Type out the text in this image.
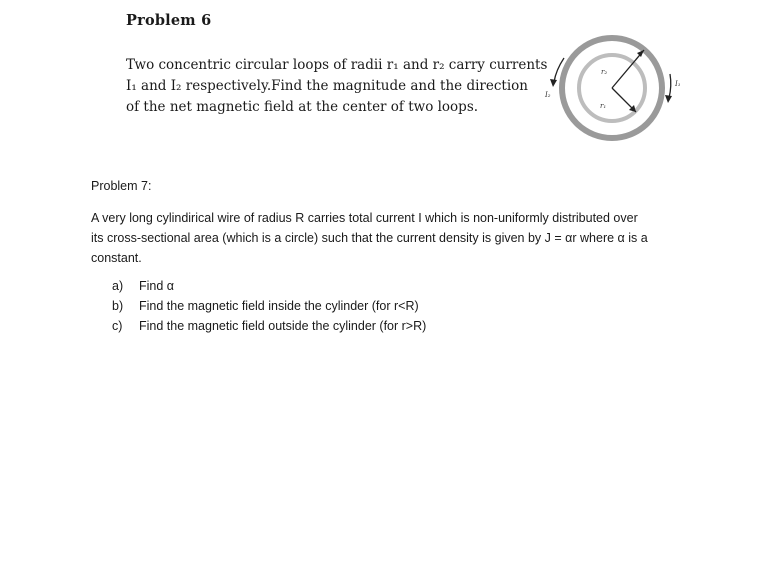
Problem 6
Two concentric circular loops of radii r₁ and r₂ carry currents
I₁ and I₂ respectively.Find the magnitude and the direction
of the net magnetic field at the center of two loops.
r₂
r₁
I₂
I₁
Problem 7:
A very long cylindirical wire of radius R carries total current I which is non-uniformly distributed over
its cross-sectional area (which is a circle) such that the current density is given by J = αr where α is a
constant.
a) Find α
b) Find the magnetic field inside the cylinder (for r<R)
c) Find the magnetic field outside the cylinder (for r>R)
